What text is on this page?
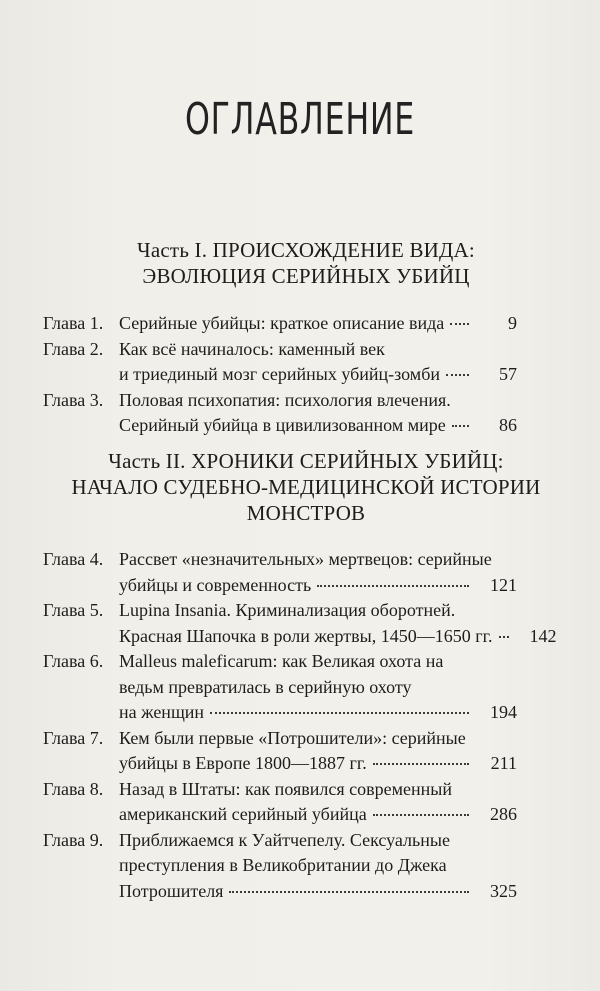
ОГЛАВЛЕНИЕ
Часть I. ПРОИСХОЖДЕНИЕ ВИДА:
ЭВОЛЮЦИЯ СЕРИЙНЫХ УБИЙЦ
Глава 1. Серийные убийцы: краткое описание вида	9
Глава 2. Как всё начиналось: каменный век
и триединый мозг серийных убийц-зомби	57
Глава 3. Половая психопатия: психология влечения.
Серийный убийца в цивилизованном мире	86
Часть II. ХРОНИКИ СЕРИЙНЫХ УБИЙЦ:
НАЧАЛО СУДЕБНО-МЕДИЦИНСКОЙ ИСТОРИИ
МОНСТРОВ
Глава 4. Рассвет «незначительных» мертвецов: серийные
убийцы и современность	121
Глава 5. Lupina Insania. Криминализация оборотней.
Красная Шапочка в роли жертвы, 1450—1650 гг.	142
Глава 6. Malleus maleficarum: как Великая охота на
ведьм превратилась в серийную охоту
на женщин	194
Глава 7. Кем были первые «Потрошители»: серийные
убийцы в Европе 1800—1887 гг.	211
Глава 8. Назад в Штаты: как появился современный
американский серийный убийца	286
Глава 9. Приближаемся к Уайтчепелу. Сексуальные
преступления в Великобритании до Джека
Потрошителя	325
